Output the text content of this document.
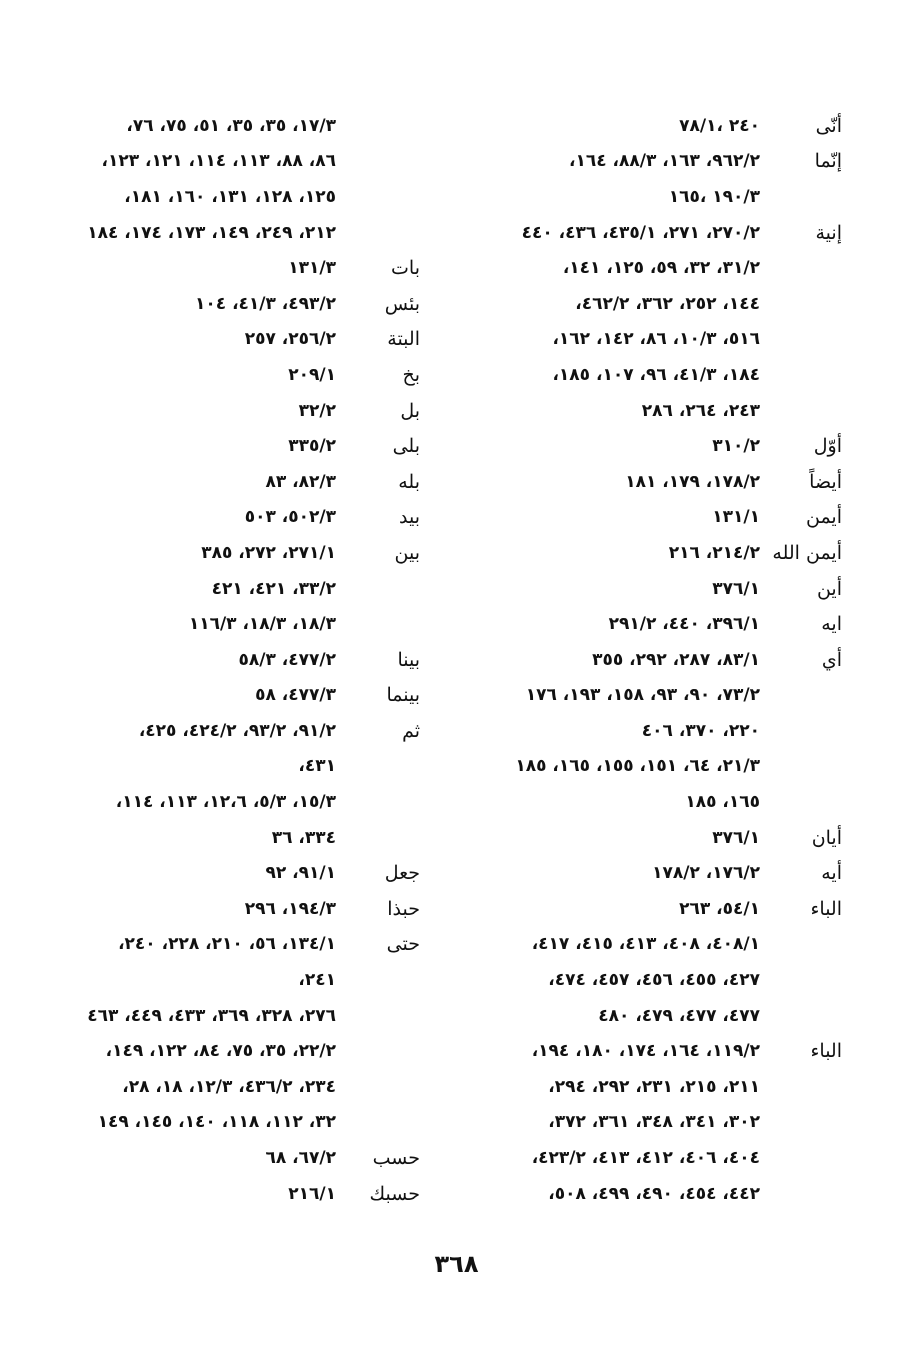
أنّى
٢٤٠ ،٧٨/١
إنّما
٩٦٢/٢، ١٦٣، ٨٨/٣، ١٦٤،
١٩٠/٣ ،١٦٥
إنية
٢٧٠/٢، ٢٧١، ٤٣٥/١، ٤٣٦، ٤٤٠
٣١/٢، ٣٢، ٥٩، ١٢٥، ١٤١،
١٤٤، ٢٥٢، ٣٦٢، ٤٦٢/٢،
٥١٦، ١٠/٣، ٨٦، ١٤٢، ١٦٢،
١٨٤، ٤١/٣، ٩٦، ١٠٧، ١٨٥،
٢٤٣، ٢٦٤، ٢٨٦
أوّل
٣١٠/٢
أيضاً
١٧٨/٢، ١٧٩، ١٨١
أيمن
١٣١/١
أيمن الله
٢١٤/٢، ٢١٦
أين
٣٧٦/١
ايه
٣٩٦/١، ٤٤٠، ٢٩١/٢
أي
٨٣/١، ٢٨٧، ٢٩٢، ٣٥٥
٧٣/٢، ٩٠، ٩٣، ١٥٨، ١٩٣، ١٧٦
٢٢٠، ٣٧٠، ٤٠٦
٢١/٣، ٦٤، ١٥١، ١٥٥، ١٦٥، ١٨٥
١٦٥، ١٨٥
أيان
٣٧٦/١
أيه
١٧٦/٢، ١٧٨/٢
الباء
٥٤/١، ٢٦٣
٤٠٨/١، ٤٠٨، ٤١٣، ٤١٥، ٤١٧،
٤٢٧، ٤٥٥، ٤٥٦، ٤٥٧، ٤٧٤،
٤٧٧، ٤٧٧، ٤٧٩، ٤٨٠
الباء
١١٩/٢، ١٦٤، ١٧٤، ١٨٠، ١٩٤،
٢١١، ٢١٥، ٢٣١، ٢٩٢، ٢٩٤،
٣٠٢، ٣٤١، ٣٤٨، ٣٦١، ٣٧٢،
٤٠٤، ٤٠٦، ٤١٢، ٤١٣، ٤٢٣/٢،
٤٤٢، ٤٥٤، ٤٩٠، ٤٩٩، ٥٠٨،
١٧/٣، ٣٥، ٣٥، ٥١، ٧٥، ٧٦،
٨٦، ٨٨، ١١٣، ١١٤، ١٢١، ١٢٣،
١٢٥، ١٢٨، ١٣١، ١٦٠، ١٨١،
٢١٢، ٢٤٩، ١٤٩، ١٧٣، ١٧٤، ١٨٤
بات
١٣١/٣
بئس
٤٩٣/٢، ٤١/٣، ١٠٤
البتة
٢٥٦/٢، ٢٥٧
بخ
٢٠٩/١
بل
٣٢/٢
بلى
٣٣٥/٢
بله
٨٢/٣، ٨٣
بيد
٥٠٢/٣، ٥٠٣
بين
٢٧١/١، ٢٧٢، ٣٨٥
٣٣/٢، ٤٢١، ٤٢١
١٨/٣، ١٨/٣، ١١٦/٣
بينا
٤٧٧/٢، ٥٨/٣
بينما
٤٧٧/٣، ٥٨
ثم
٩١/٢، ٩٣/٢، ٤٢٤/٢، ٤٢٥،
٤٣١،
١٥/٣، ٥/٣، ١٢،٦، ١١٣، ١١٤،
٣٣٤، ٣٦
جعل
٩١/١، ٩٢
حبذا
١٩٤/٣، ٢٩٦
حتى
١٣٤/١، ٥٦، ٢١٠، ٢٢٨، ٢٤٠،
٢٤١،
٢٧٦، ٣٢٨، ٣٦٩، ٤٣٣، ٤٤٩، ٤٦٣
٢٢/٢، ٣٥، ٧٥، ٨٤، ١٢٢، ١٤٩،
٢٣٤، ٤٣٦/٢، ١٢/٣، ١٨، ٢٨،
٣٢، ١١٢، ١١٨، ١٤٠، ١٤٥، ١٤٩
حسب
٦٧/٢، ٦٨
حسبك
٢١٦/١
٣٦٨
